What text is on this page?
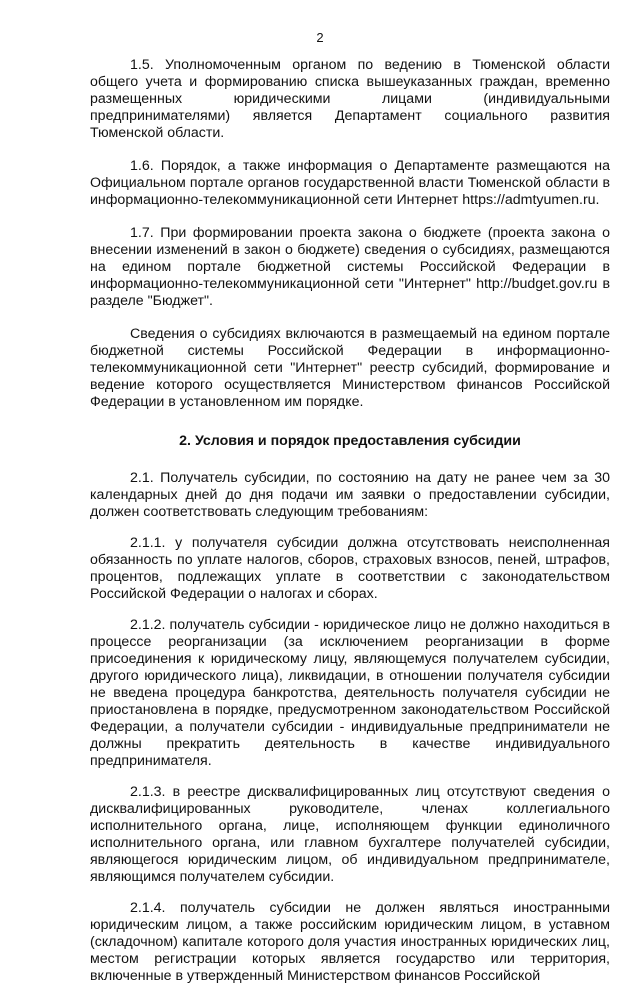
2

1.5. Уполномоченным органом по ведению в Тюменской области общего учета и формированию списка вышеуказанных граждан, временно размещенных юридическими лицами (индивидуальными предпринимателями) является Департамент социального развития Тюменской области.

1.6. Порядок, а также информация о Департаменте размещаются на Официальном портале органов государственной власти Тюменской области в информационно-телекоммуникационной сети Интернет https://admtyumen.ru.

1.7. При формировании проекта закона о бюджете (проекта закона о внесении изменений в закон о бюджете) сведения о субсидиях, размещаются на едином портале бюджетной системы Российской Федерации в информационно-телекоммуникационной сети "Интернет" http://budget.gov.ru в разделе "Бюджет".

Сведения о субсидиях включаются в размещаемый на едином портале бюджетной системы Российской Федерации в информационно-телекоммуникационной сети "Интернет" реестр субсидий, формирование и ведение которого осуществляется Министерством финансов Российской Федерации в установленном им порядке.

2. Условия и порядок предоставления субсидии

2.1. Получатель субсидии, по состоянию на дату не ранее чем за 30 календарных дней до дня подачи им заявки о предоставлении субсидии, должен соответствовать следующим требованиям:

2.1.1. у получателя субсидии должна отсутствовать неисполненная обязанность по уплате налогов, сборов, страховых взносов, пеней, штрафов, процентов, подлежащих уплате в соответствии с законодательством Российской Федерации о налогах и сборах.

2.1.2. получатель субсидии - юридическое лицо не должно находиться в процессе реорганизации (за исключением реорганизации в форме присоединения к юридическому лицу, являющемуся получателем субсидии, другого юридического лица), ликвидации, в отношении получателя субсидии не введена процедура банкротства, деятельность получателя субсидии не приостановлена в порядке, предусмотренном законодательством Российской Федерации, а получатели субсидии - индивидуальные предприниматели не должны прекратить деятельность в качестве индивидуального предпринимателя.

2.1.3. в реестре дисквалифицированных лиц отсутствуют сведения о дисквалифицированных руководителе, членах коллегиального исполнительного органа, лице, исполняющем функции единоличного исполнительного органа, или главном бухгалтере получателей субсидии, являющегося юридическим лицом, об индивидуальном предпринимателе, являющимся получателем субсидии.

2.1.4. получатель субсидии не должен являться иностранными юридическим лицом, а также российским юридическим лицом, в уставном (складочном) капитале которого доля участия иностранных юридических лиц, местом регистрации которых является государство или территория, включенные в утвержденный Министерством финансов Российской
